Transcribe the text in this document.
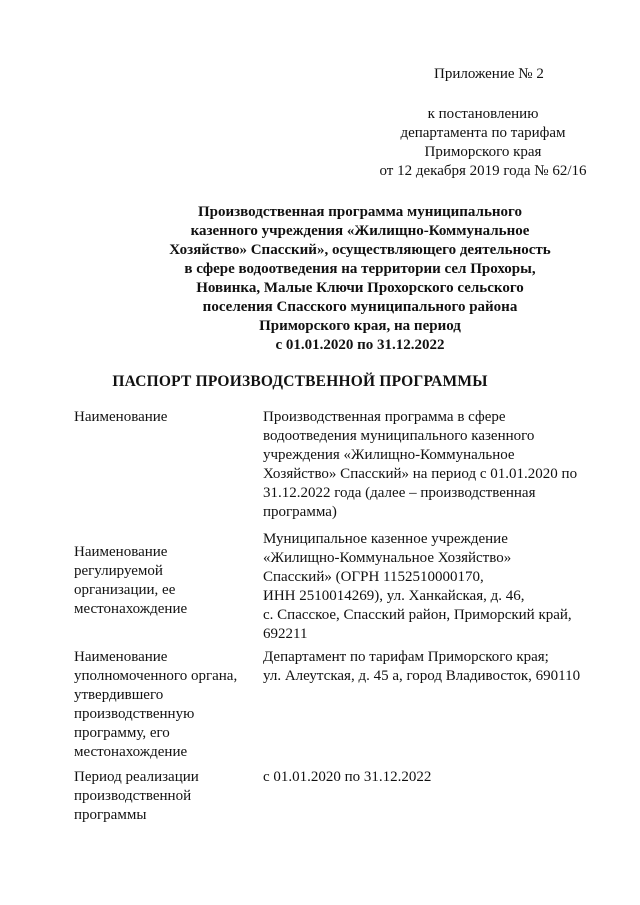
Приложение № 2
к постановлению
департамента по тарифам
Приморского края
от 12 декабря 2019 года № 62/16
Производственная программа муниципального
казенного учреждения «Жилищно-Коммунальное
Хозяйство» Спасский», осуществляющего деятельность
в сфере водоотведения на территории сел Прохоры,
Новинка, Малые Ключи Прохорского сельского
поселения Спасского муниципального района
Приморского края, на период
с 01.01.2020 по 31.12.2022
ПАСПОРТ ПРОИЗВОДСТВЕННОЙ ПРОГРАММЫ
Наименование	Производственная программа в сфере
водоотведения муниципального казенного
учреждения «Жилищно-Коммунальное
Хозяйство» Спасский» на период с 01.01.2020 по
31.12.2022 года (далее – производственная
программа)
Наименование
регулируемой
организации, ее
местонахождение
Муниципальное казенное учреждение
«Жилищно-Коммунальное Хозяйство»
Спасский» (ОГРН 1152510000170,
ИНН 2510014269), ул. Ханкайская, д. 46,
с. Спасское, Спасский район, Приморский край,
692211
Наименование
уполномоченного органа,
утвердившего
производственную
программу, его
местонахождение
Департамент по тарифам Приморского края;
ул. Алеутская, д. 45 а, город Владивосток, 690110
Период реализации
производственной
программы
с 01.01.2020 по 31.12.2022
